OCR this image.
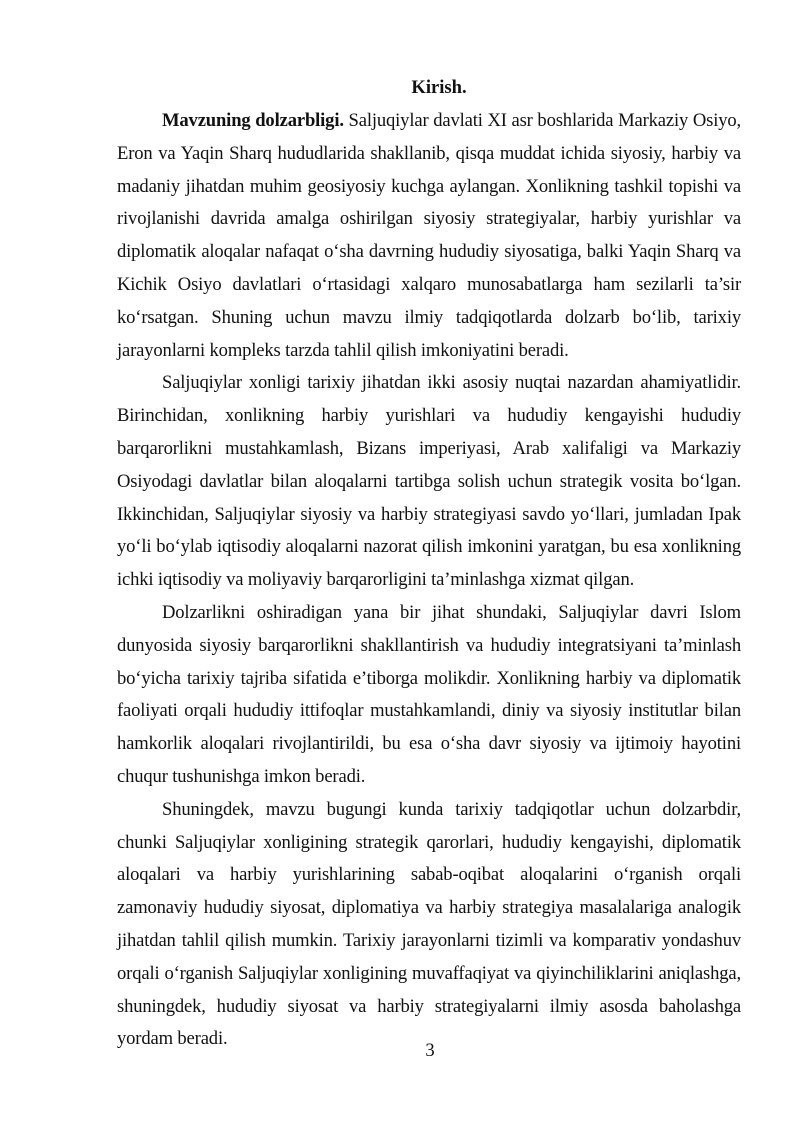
Kirish.

Mavzuning dolzarbligi. Saljuqiylar davlati XI asr boshlarida Markaziy Osiyo, Eron va Yaqin Sharq hududlarida shakllanib, qisqa muddat ichida siyosiy, harbiy va madaniy jihatdan muhim geosiyosiy kuchga aylangan. Xonlikning tashkil topishi va rivojlanishi davrida amalga oshirilgan siyosiy strategiyalar, harbiy yurishlar va diplomatik aloqalar nafaqat o‘sha davrning hududiy siyosatiga, balki Yaqin Sharq va Kichik Osiyo davlatlari o‘rtasidagi xalqaro munosabatlarga ham sezilarli ta’sir ko‘rsatgan. Shuning uchun mavzu ilmiy tadqiqotlarda dolzarb bo‘lib, tarixiy jarayonlarni kompleks tarzda tahlil qilish imkoniyatini beradi.

Saljuqiylar xonligi tarixiy jihatdan ikki asosiy nuqtai nazardan ahamiyatlidir. Birinchidan, xonlikning harbiy yurishlari va hududiy kengayishi hududiy barqarorlikni mustahkamlash, Bizans imperiyasi, Arab xalifaligi va Markaziy Osiyodagi davlatlar bilan aloqalarni tartibga solish uchun strategik vosita bo‘lgan. Ikkinchidan, Saljuqiylar siyosiy va harbiy strategiyasi savdo yo‘llari, jumladan Ipak yo‘li bo‘ylab iqtisodiy aloqalarni nazorat qilish imkonini yaratgan, bu esa xonlikning ichki iqtisodiy va moliyaviy barqarorligini ta’minlashga xizmat qilgan.

Dolzarlikni oshiradigan yana bir jihat shundaki, Saljuqiylar davri Islom dunyosida siyosiy barqarorlikni shakllantirish va hududiy integratsiyani ta’minlash bo‘yicha tarixiy tajriba sifatida e’tiborga molikdir. Xonlikning harbiy va diplomatik faoliyati orqali hududiy ittifoqlar mustahkamlandi, diniy va siyosiy institutlar bilan hamkorlik aloqalari rivojlantirildi, bu esa o‘sha davr siyosiy va ijtimoiy hayotini chuqur tushunishga imkon beradi.

Shuningdek, mavzu bugungi kunda tarixiy tadqiqotlar uchun dolzarbdir, chunki Saljuqiylar xonligining strategik qarorlari, hududiy kengayishi, diplomatik aloqalari va harbiy yurishlarining sabab-oqibat aloqalarini o‘rganish orqali zamonaviy hududiy siyosat, diplomatiya va harbiy strategiya masalalariga analogik jihatdan tahlil qilish mumkin. Tarixiy jarayonlarni tizimli va komparativ yondashuv orqali o‘rganish Saljuqiylar xonligining muvaffaqiyat va qiyinchiliklarini aniqlashga, shuningdek, hududiy siyosat va harbiy strategiyalarni ilmiy asosda baholashga yordam beradi.

3
